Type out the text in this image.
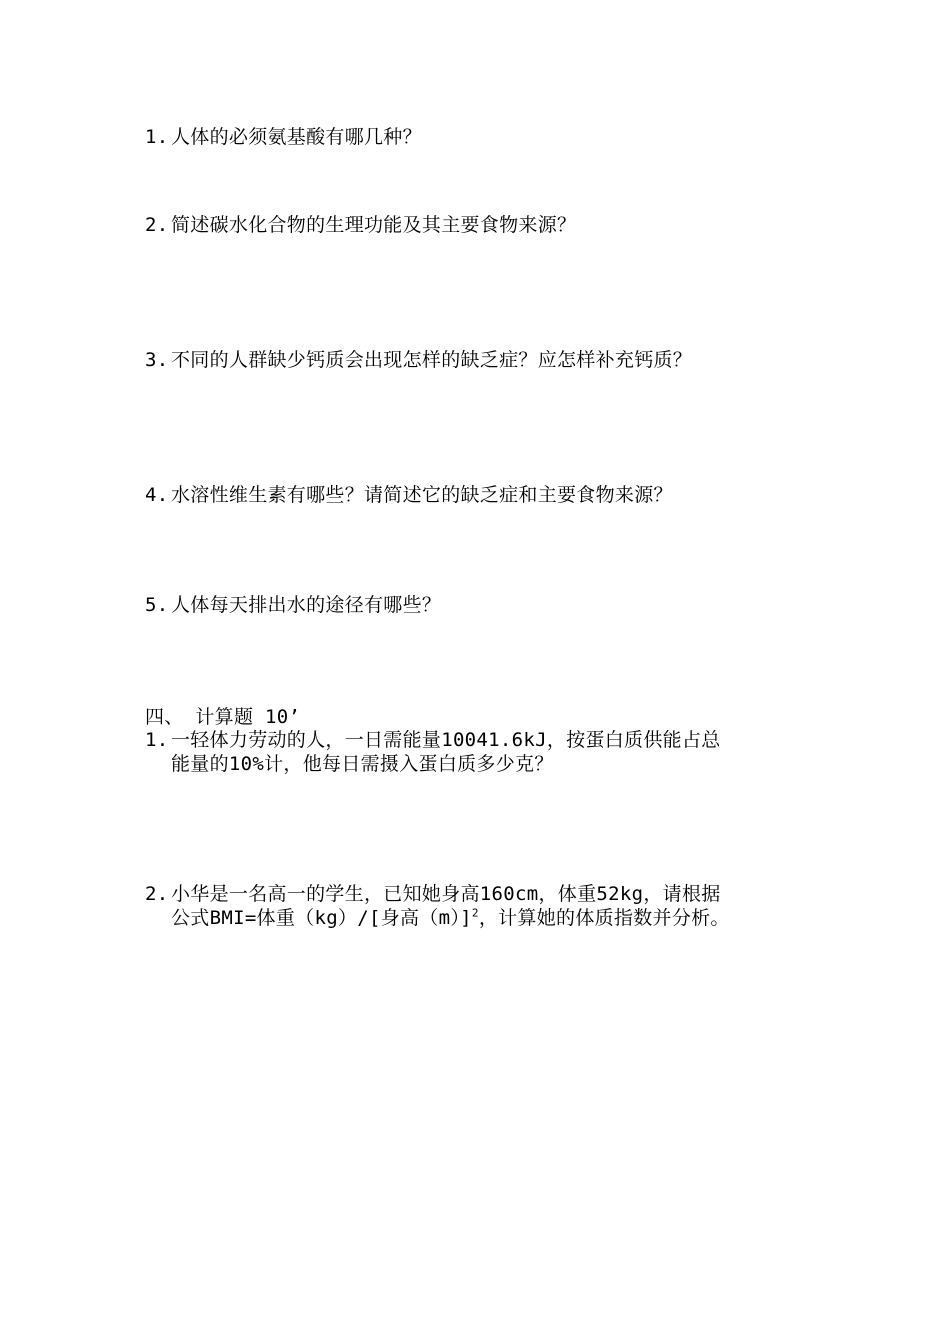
1. 人体的必须氨基酸有哪几种？
2. 简述碳水化合物的生理功能及其主要食物来源？
3. 不同的人群缺少钙质会出现怎样的缺乏症？应怎样补充钙质？
4. 水溶性维生素有哪些？请简述它的缺乏症和主要食物来源？
5. 人体每天排出水的途径有哪些？
四、 计算题 10’
1. 一轻体力劳动的人，一日需能量10041.6kJ，按蛋白质供能占总
能量的10%计，他每日需摄入蛋白质多少克？
2. 小华是一名高一的学生，已知她身高160cm，体重52kg，请根据
公式BMI=体重（kg）/[身高（m）]$^2$，计算她的体质指数并分析。
